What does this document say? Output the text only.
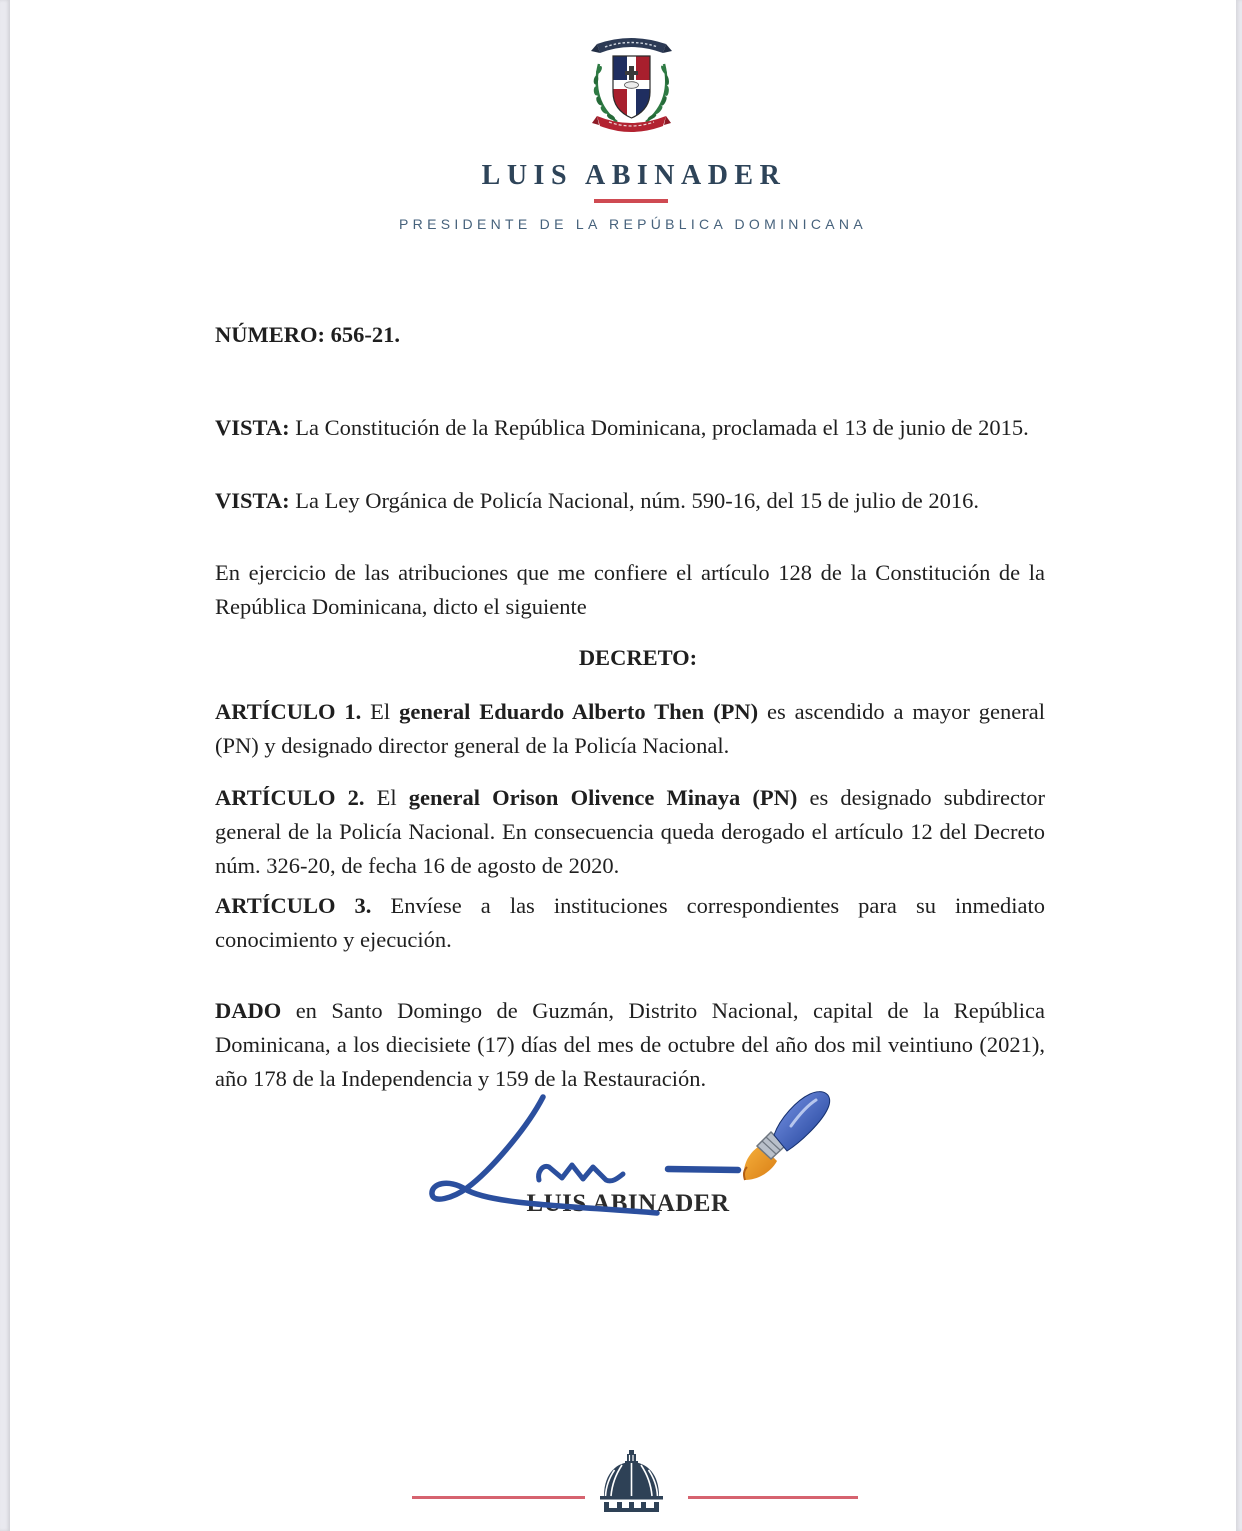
LUIS ABINADER
PRESIDENTE DE LA REPÚBLICA DOMINICANA

NÚMERO: 656-21.

VISTA: La Constitución de la República Dominicana, proclamada el 13 de junio de 2015.

VISTA: La Ley Orgánica de Policía Nacional, núm. 590-16, del 15 de julio de 2016.

En ejercicio de las atribuciones que me confiere el artículo 128 de la Constitución de la República Dominicana, dicto el siguiente

DECRETO:

ARTÍCULO 1. El general Eduardo Alberto Then (PN) es ascendido a mayor general (PN) y designado director general de la Policía Nacional.

ARTÍCULO 2. El general Orison Olivence Minaya (PN) es designado subdirector general de la Policía Nacional. En consecuencia queda derogado el artículo 12 del Decreto núm. 326-20, de fecha 16 de agosto de 2020.

ARTÍCULO 3. Envíese a las instituciones correspondientes para su inmediato conocimiento y ejecución.

DADO en Santo Domingo de Guzmán, Distrito Nacional, capital de la República Dominicana, a los diecisiete (17) días del mes de octubre del año dos mil veintiuno (2021), año 178 de la Independencia y 159 de la Restauración.

LUIS ABINADER
